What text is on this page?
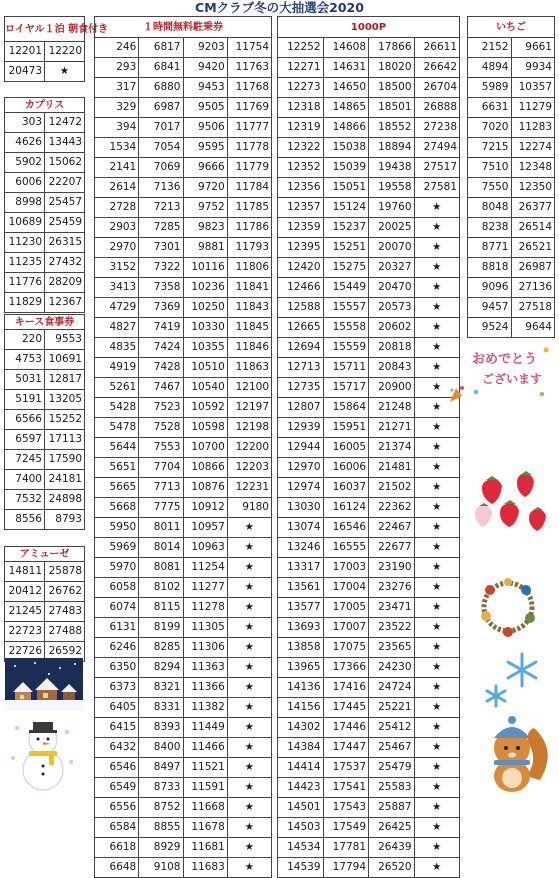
CMクラブ冬の大抽選会2020
ロイヤル１泊 朝食付き	
12201	12220
20473	★
カプリス	
303	12472
4626	13443
5902	15062
6006	22207
8998	25457
10689	25459
11230	26315
11235	27432
11776	28209
11829	12367
キース食事券	
220	9553
4753	10691
5031	12817
5191	13205
6566	15252
6597	17113
7245	17590
7400	24181
7532	24898
8556	8793
アミューゼ	
14811	25878
20412	26762
21245	27483
22723	27488
22726	26592
１時間無料駐乗券			
246	6817	9203	11754
293	6841	9420	11763
317	6880	9453	11768
329	6987	9505	11769
394	7017	9506	11777
1534	7054	9595	11778
2141	7069	9666	11779
2614	7136	9720	11784
2728	7213	9752	11785
2903	7285	9823	11786
2970	7301	9881	11793
3152	7322	10116	11806
3413	7358	10236	11841
4729	7369	10250	11843
4827	7419	10330	11845
4835	7424	10355	11846
4919	7428	10510	11863
5261	7467	10540	12100
5428	7523	10592	12197
5478	7528	10598	12198
5644	7553	10700	12200
5651	7704	10866	12203
5665	7713	10876	12231
5668	7775	10912	9180
5950	8011	10957	★
5969	8014	10963	★
5970	8081	11254	★
6058	8102	11277	★
6074	8115	11278	★
6131	8199	11305	★
6246	8285	11306	★
6350	8294	11363	★
6373	8321	11366	★
6405	8331	11382	★
6415	8393	11449	★
6432	8400	11466	★
6546	8497	11521	★
6549	8733	11591	★
6556	8752	11668	★
6584	8855	11678	★
6618	8929	11681	★
6648	9108	11683	★
1000P			
12252	14608	17866	26611
12271	14631	18020	26642
12273	14650	18500	26704
12318	14865	18501	26888
12319	14866	18552	27238
12322	15038	18894	27494
12352	15039	19438	27517
12356	15051	19558	27581
12357	15124	19760	★
12359	15237	20025	★
12395	15251	20070	★
12420	15275	20327	★
12466	15449	20470	★
12588	15557	20573	★
12665	15558	20602	★
12694	15559	20818	★
12713	15711	20843	★
12735	15717	20900	★
12807	15864	21248	★
12939	15951	21271	★
12944	16005	21374	★
12970	16006	21481	★
12974	16037	21502	★
13030	16124	22362	★
13074	16546	22467	★
13246	16555	22677	★
13317	17003	23190	★
13561	17004	23276	★
13577	17005	23471	★
13693	17007	23522	★
13858	17075	23565	★
13965	17366	24230	★
14136	17416	24724	★
14156	17445	25221	★
14302	17446	25412	★
14384	17447	25467	★
14414	17537	25479	★
14423	17541	25583	★
14501	17543	25887	★
14503	17549	26425	★
14534	17781	26439	★
14539	17794	26520	★
いちご	
2152	9661
4894	9934
5989	10357
6631	11279
7020	11283
7215	12274
7510	12348
7550	12350
8048	26377
8238	26514
8771	26521
8818	26987
9096	27136
9457	27518
9524	9644
おめでとう
ございます
